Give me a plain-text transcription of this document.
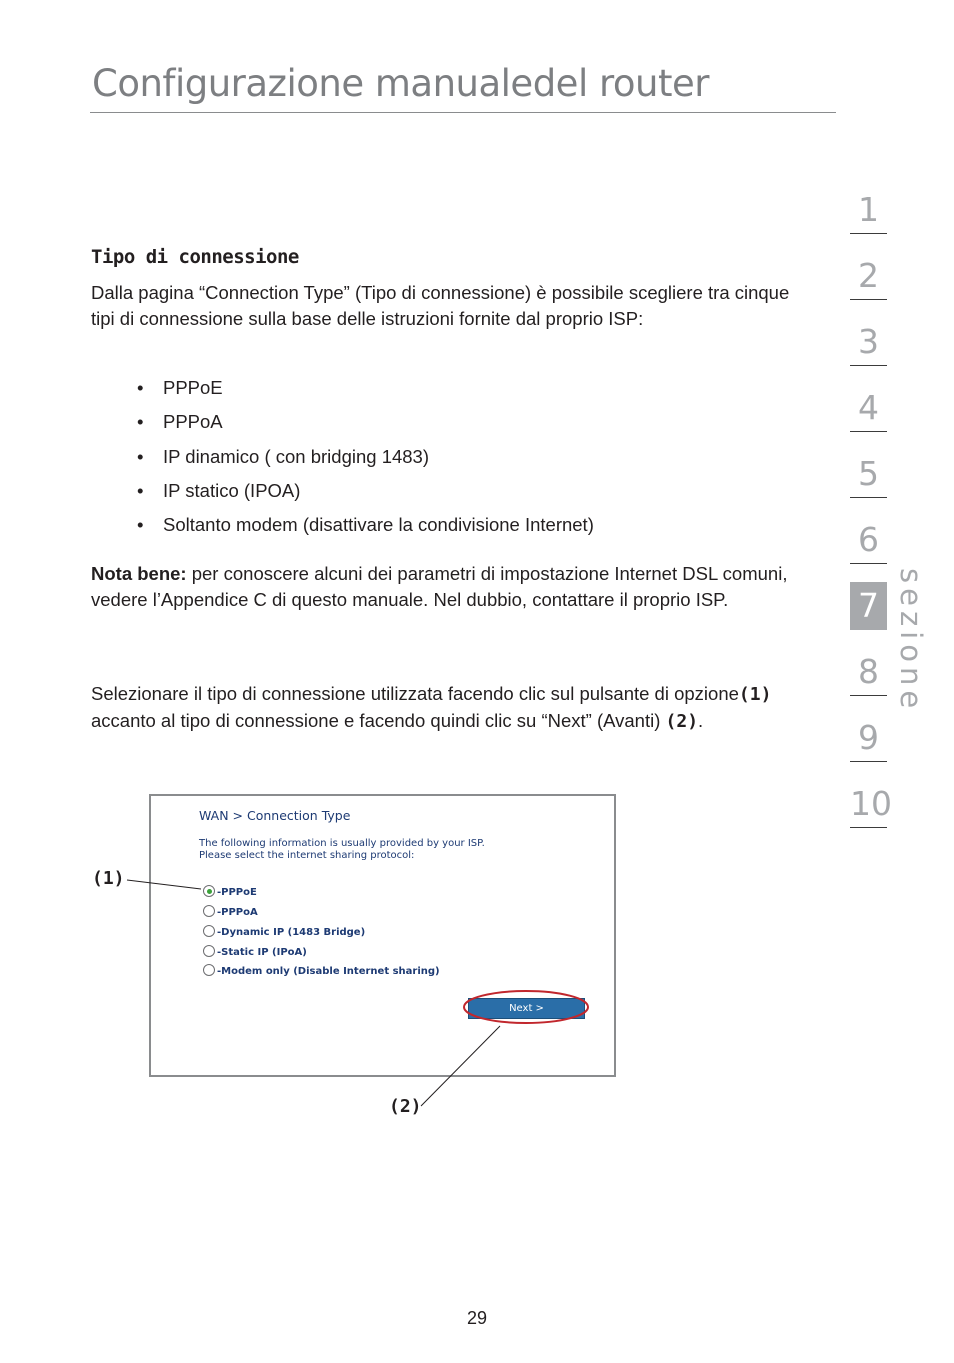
Configurazione manualedel router
Tipo di connessione
Dalla pagina “Connection Type” (Tipo di connessione) è possibile scegliere tra cinque tipi di connessione sulla base delle istruzioni fornite dal proprio ISP:
• PPPoE
• PPPoA
• IP dinamico ( con bridging 1483)
• IP statico (IPOA)
• Soltanto modem (disattivare la condivisione Internet)
Nota bene: per conoscere alcuni dei parametri di impostazione Internet DSL comuni, vedere l’Appendice C di questo manuale. Nel dubbio, contattare il proprio ISP.
Selezionare il tipo di connessione utilizzata facendo clic sul pulsante di opzione(1) accanto al tipo di connessione e facendo quindi clic su “Next” (Avanti) (2).
1
2
3
4
5
6
7
8
9
10
sezione
WAN > Connection Type
The following information is usually provided by your ISP.
Please select the internet sharing protocol:
-PPPoE
-PPPoA
-Dynamic IP (1483 Bridge)
-Static IP (IPoA)
-Modem only (Disable Internet sharing)
Next >
(1)
(2)
29
